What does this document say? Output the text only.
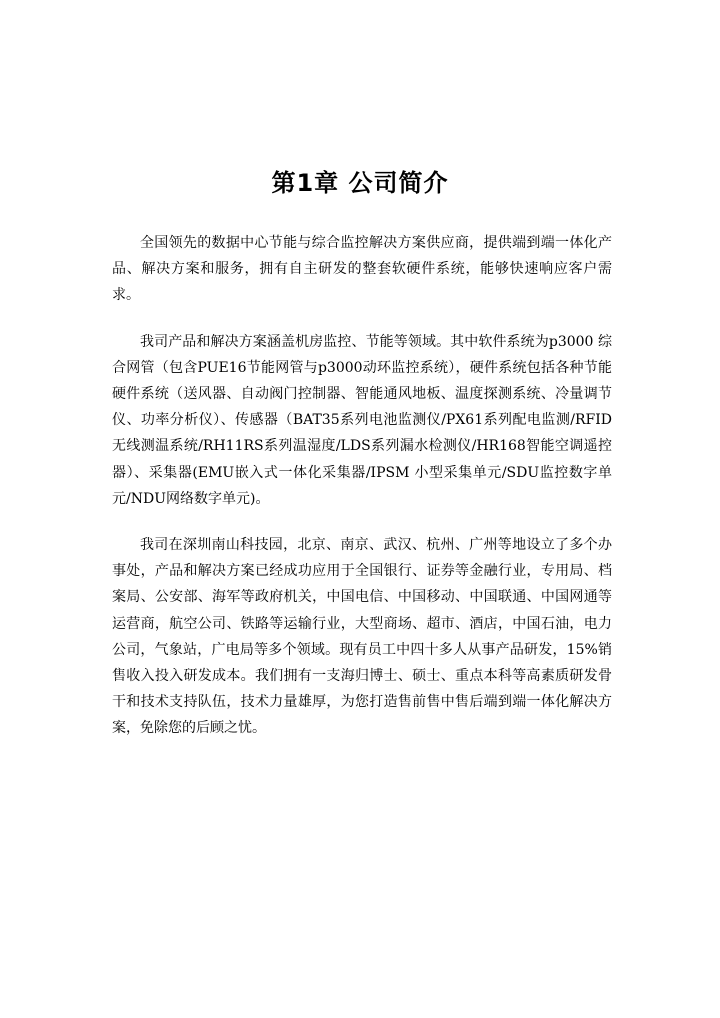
第1章 公司简介

全国领先的数据中心节能与综合监控解决方案供应商，提供端到端一体化产品、解决方案和服务，拥有自主研发的整套软硬件系统，能够快速响应客户需求。

我司产品和解决方案涵盖机房监控、节能等领域。其中软件系统为p3000 综合网管（包含PUE16节能网管与p3000动环监控系统），硬件系统包括各种节能硬件系统（送风器、自动阀门控制器、智能通风地板、温度探测系统、冷量调节仪、功率分析仪）、传感器（BAT35系列电池监测仪/PX61系列配电监测/RFID无线测温系统/RH11RS系列温湿度/LDS系列漏水检测仪/HR168智能空调遥控器）、采集器(EMU嵌入式一体化采集器/IPSM 小型采集单元/SDU监控数字单元/NDU网络数字单元)。

我司在深圳南山科技园，北京、南京、武汉、杭州、广州等地设立了多个办事处，产品和解决方案已经成功应用于全国银行、证券等金融行业，专用局、档案局、公安部、海军等政府机关，中国电信、中国移动、中国联通、中国网通等运营商，航空公司、铁路等运输行业，大型商场、超市、酒店，中国石油，电力公司，气象站，广电局等多个领域。现有员工中四十多人从事产品研发，15%销售收入投入研发成本。我们拥有一支海归博士、硕士、重点本科等高素质研发骨干和技术支持队伍，技术力量雄厚，为您打造售前售中售后端到端一体化解决方案，免除您的后顾之忧。
